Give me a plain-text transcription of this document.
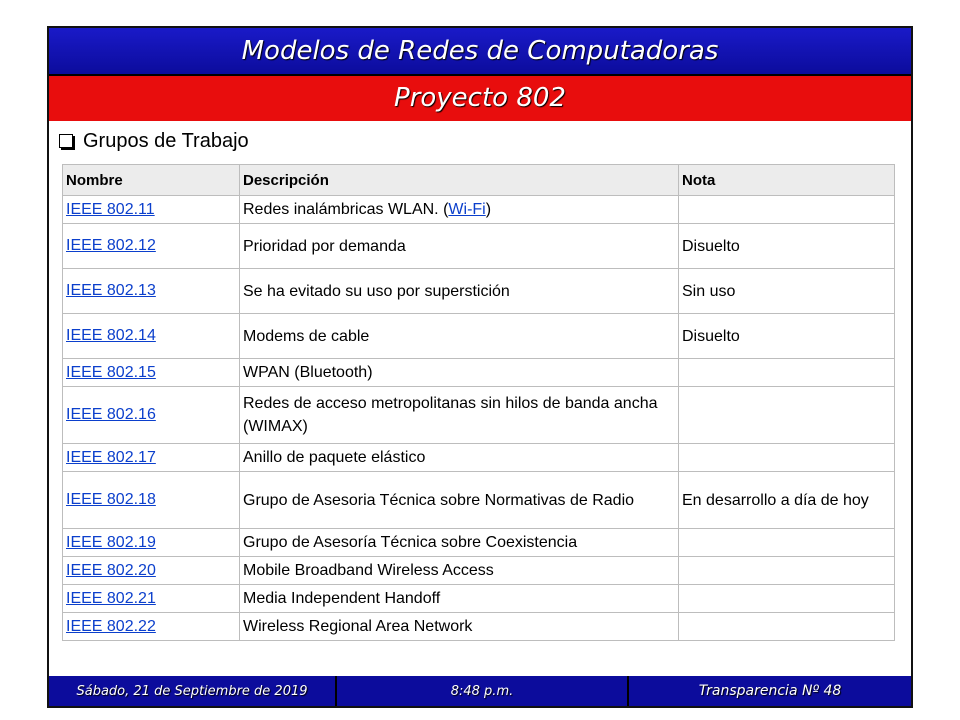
Modelos de Redes de Computadoras
Proyecto 802
Grupos de Trabajo
Nombre	Descripción	Nota
IEEE 802.11	Redes inalámbricas WLAN. (Wi-Fi)	
IEEE 802.12	Prioridad por demanda	Disuelto
IEEE 802.13	Se ha evitado su uso por superstición	Sin uso
IEEE 802.14	Modems de cable	Disuelto
IEEE 802.15	WPAN (Bluetooth)	
IEEE 802.16	Redes de acceso metropolitanas sin hilos de banda ancha (WIMAX)	
IEEE 802.17	Anillo de paquete elástico	
IEEE 802.18	Grupo de Asesoria Técnica sobre Normativas de Radio	En desarrollo a día de hoy
IEEE 802.19	Grupo de Asesoría Técnica sobre Coexistencia	
IEEE 802.20	Mobile Broadband Wireless Access	
IEEE 802.21	Media Independent Handoff	
IEEE 802.22	Wireless Regional Area Network	
Sábado, 21 de Septiembre de 2019	8:48 p.m.	Transparencia Nº 48
